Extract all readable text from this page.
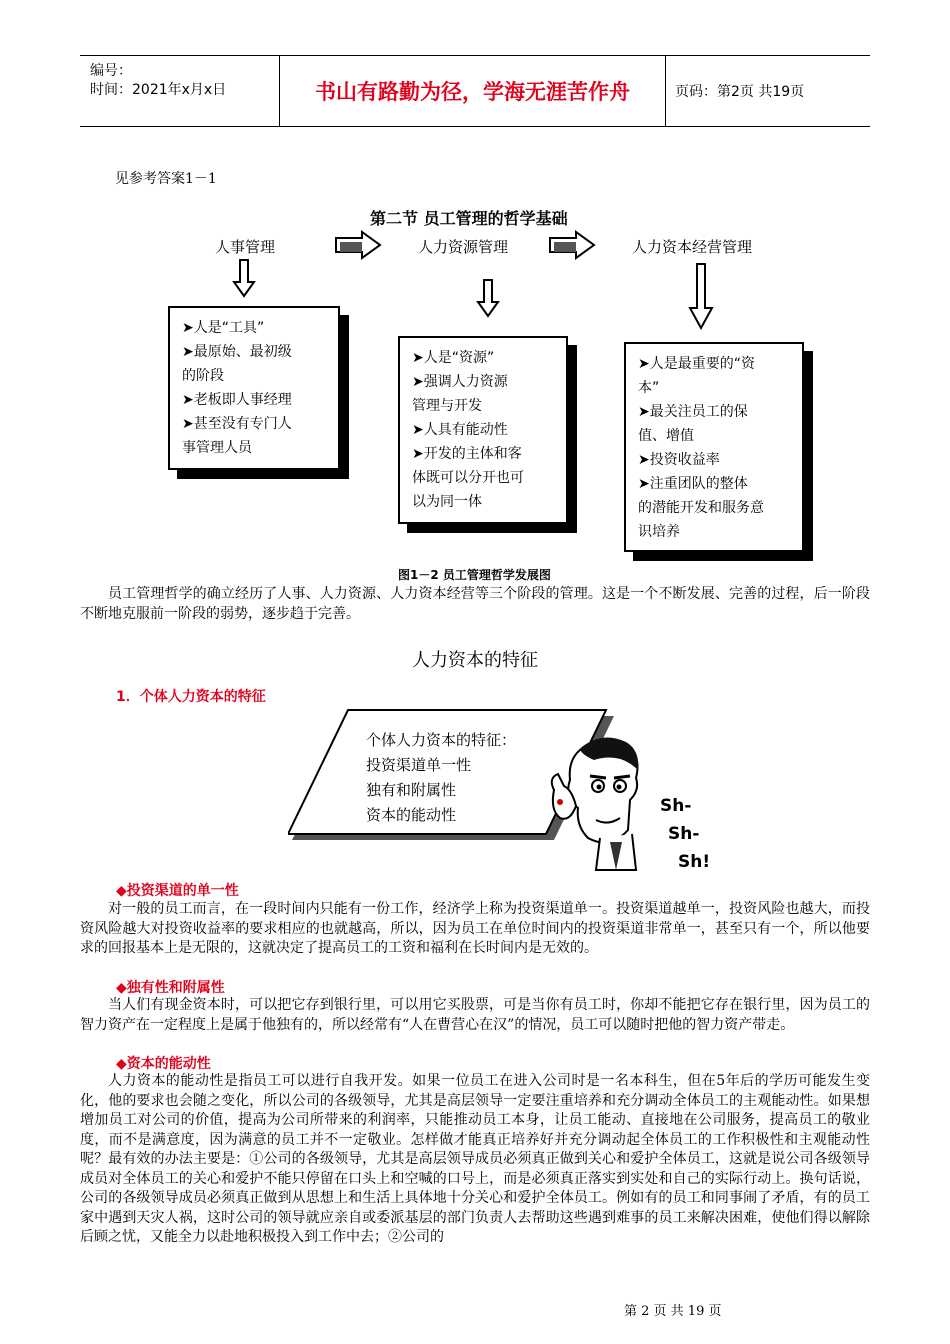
编号：
时间：2021年x月x日	书山有路勤为径，学海无涯苦作舟	页码：第2页 共19页
见参考答案1－1
第二节 员工管理的哲学基础
人事管理	人力资源管理	人力资本经营管理
➤人是“工具”
➤最原始、最初级
的阶段
➤老板即人事经理
➤甚至没有专门人
事管理人员
➤人是“资源”
➤强调人力资源
管理与开发
➤人具有能动性
➤开发的主体和客
体既可以分开也可
以为同一体
➤人是最重要的“资
本”
➤最关注员工的保
值、增值
➤投资收益率
➤注重团队的整体
的潜能开发和服务意
识培养
图1－2 员工管理哲学发展图

员工管理哲学的确立经历了人事、人力资源、人力资本经营等三个阶段的管理。这是一个不断发展、完善的过程，后一阶段不断地克服前一阶段的弱势，逐步趋于完善。

人力资本的特征
1．个体人力资本的特征
个体人力资本的特征：
投资渠道单一性
独有和附属性
资本的能动性	Sh-
Sh-
Sh!
◆投资渠道的单一性

对一般的员工而言，在一段时间内只能有一份工作，经济学上称为投资渠道单一。投资渠道越单一，投资风险也越大，而投资风险越大对投资收益率的要求相应的也就越高，所以，因为员工在单位时间内的投资渠道非常单一，甚至只有一个，所以他要求的回报基本上是无限的，这就决定了提高员工的工资和福利在长时间内是无效的。

◆独有性和附属性

当人们有现金资本时，可以把它存到银行里，可以用它买股票，可是当你有员工时，你却不能把它存在银行里，因为员工的智力资产在一定程度上是属于他独有的，所以经常有“人在曹营心在汉”的情况，员工可以随时把他的智力资产带走。

◆资本的能动性

人力资本的能动性是指员工可以进行自我开发。如果一位员工在进入公司时是一名本科生，但在5年后的学历可能发生变化，他的要求也会随之变化，所以公司的各级领导，尤其是高层领导一定要注重培养和充分调动全体员工的主观能动性。如果想增加员工对公司的价值，提高为公司所带来的利润率，只能推动员工本身，让员工能动、直接地在公司服务，提高员工的敬业度，而不是满意度，因为满意的员工并不一定敬业。怎样做才能真正培养好并充分调动起全体员工的工作积极性和主观能动性呢？最有效的办法主要是：①公司的各级领导，尤其是高层领导成员必须真正做到关心和爱护全体员工，这就是说公司各级领导成员对全体员工的关心和爱护不能只停留在口头上和空喊的口号上，而是必须真正落实到实处和自己的实际行动上。换句话说，公司的各级领导成员必须真正做到从思想上和生活上具体地十分关心和爱护全体员工。例如有的员工和同事闹了矛盾，有的员工家中遇到天灾人祸，这时公司的领导就应亲自或委派基层的部门负责人去帮助这些遇到难事的员工来解决困难，使他们得以解除后顾之忧，又能全力以赴地积极投入到工作中去；②公司的

第 2 页 共 19 页
